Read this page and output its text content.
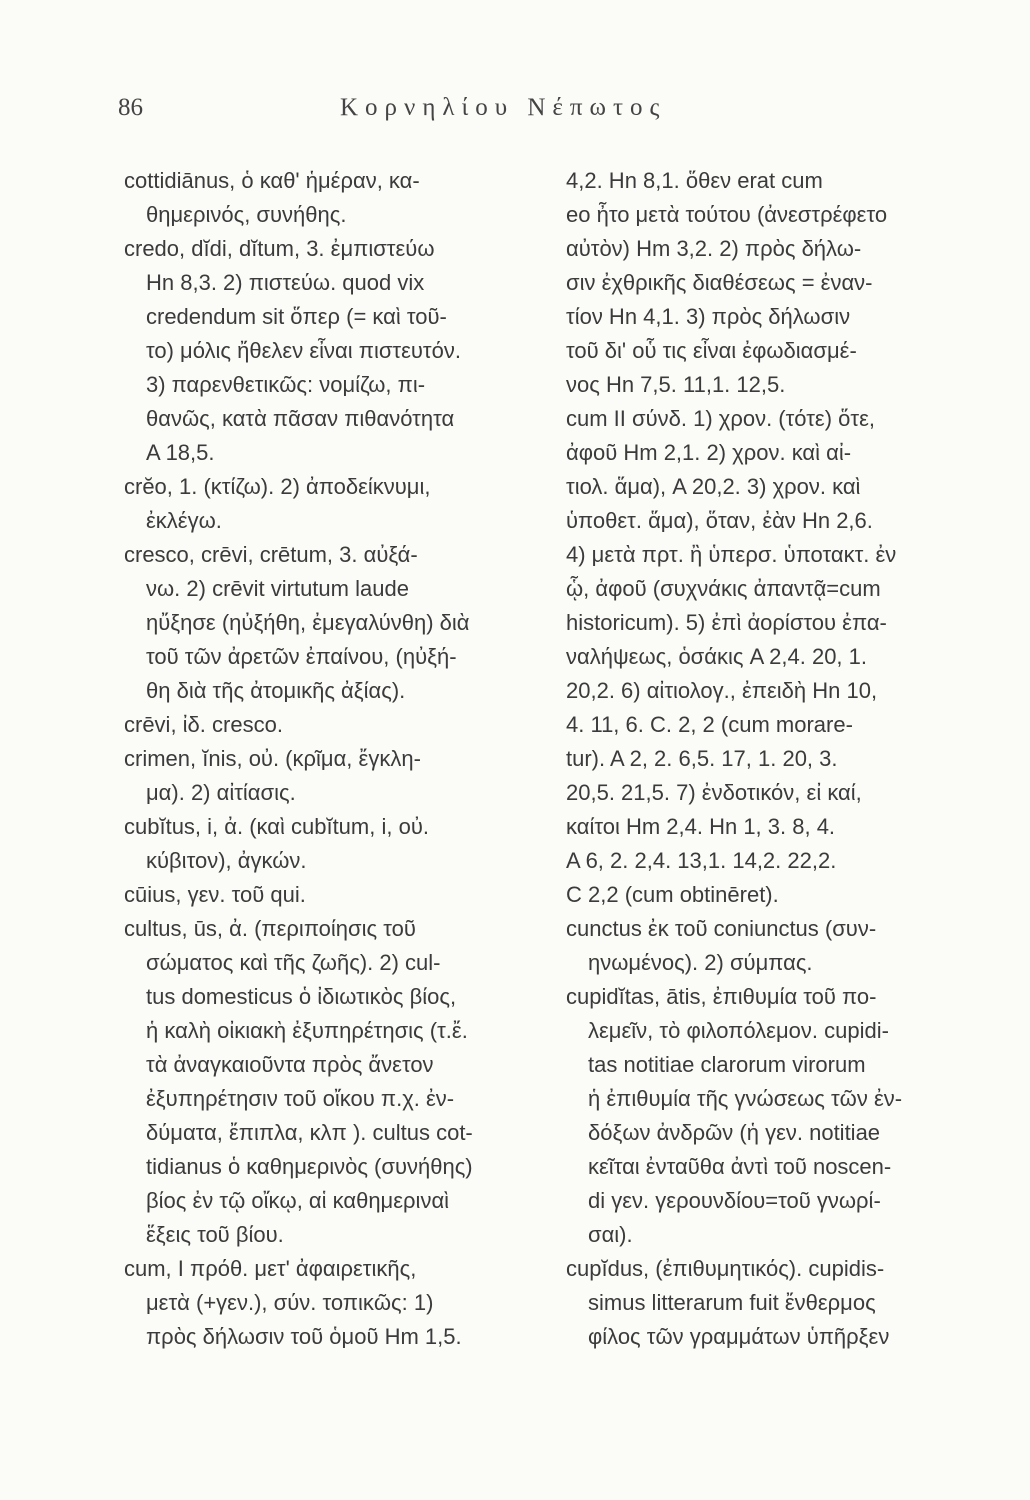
86	Κορνηλίου Νέπωτος
cottidiānus, ὁ καθ' ἡμέραν, κα-
θημερινός, συνήθης.
credo, dĭdi, dĭtum, 3. ἐμπιστεύω
Hn 8,3. 2) πιστεύω. quod vix
credendum sit ὅπερ (= καὶ τοῦ-
το) μόλις ἤθελεν εἶναι πιστευτόν.
3) παρενθετικῶς: νομίζω, πι-
θανῶς, κατὰ πᾶσαν πιθανότητα
A 18,5.
crĕo, 1. (κτίζω). 2) ἀποδείκνυμι,
ἐκλέγω.
cresco, crēvi, crētum, 3. αὐξά-
νω. 2) crēvit virtutum laude
ηὔξησε (ηὐξήθη, ἐμεγαλύνθη) διὰ
τοῦ τῶν ἀρετῶν ἐπαίνου, (ηὐξή-
θη διὰ τῆς ἀτομικῆς ἀξίας).
crēvi, ἰδ. cresco.
crimen, ĭnis, οὐ. (κρῖμα, ἔγκλη-
μα). 2) αἰτίασις.
cubĭtus, i, ἀ. (καὶ cubĭtum, i, οὐ.
κύβιτον), ἀγκών.
cūius, γεν. τοῦ qui.
cultus, ūs, ἀ. (περιποίησις τοῦ
σώματος καὶ τῆς ζωῆς). 2) cul-
tus domesticus ὁ ἰδιωτικὸς βίος,
ἡ καλὴ οἰκιακὴ ἐξυπηρέτησις (τ.ἔ.
τὰ ἀναγκαιοῦντα πρὸς ἄνετον
ἐξυπηρέτησιν τοῦ οἴκου π.χ. ἐν-
δύματα, ἔπιπλα, κλπ ). cultus cot-
tidianus ὁ καθημερινὸς (συνήθης)
βίος ἐν τῷ οἴκῳ, αἱ καθημεριναὶ
ἕξεις τοῦ βίου.
cum, I πρόθ. μετ' ἀφαιρετικῆς,
μετὰ (+γεν.), σύν. τοπικῶς: 1)
πρὸς δήλωσιν τοῦ ὁμοῦ Hm 1,5.
4,2. Hn 8,1. ὅθεν erat cum
eo ἦτο μετὰ τούτου (ἀνεστρέφετο
αὐτὸν) Hm 3,2. 2) πρὸς δήλω-
σιν ἐχθρικῆς διαθέσεως = ἐναν-
τίον Hn 4,1. 3) πρὸς δήλωσιν
τοῦ δι' οὗ τις εἶναι ἐφωδιασμέ-
νος Hn 7,5. 11,1. 12,5.
cum II σύνδ. 1) χρον. (τότε) ὅτε,
ἀφοῦ Hm 2,1. 2) χρον. καὶ αἰ-
τιολ. ἅμα), A 20,2. 3) χρον. καὶ
ὑποθετ. ἅμα), ὅταν, ἐὰν Hn 2,6.
4) μετὰ πρτ. ἢ ὑπερσ. ὑποτακτ. ἐν
ᾧ, ἀφοῦ (συχνάκις ἀπαντᾷ=cum
historicum). 5) ἐπὶ ἀορίστου ἐπα-
ναλήψεως, ὁσάκις A 2,4. 20, 1.
20,2. 6) αἰτιολογ., ἐπειδὴ Hn 10,
4. 11, 6. C. 2, 2 (cum morare-
tur). A 2, 2. 6,5. 17, 1. 20, 3.
20,5. 21,5. 7) ἐνδοτικόν, εἰ καί,
καίτοι Hm 2,4. Hn 1, 3. 8, 4.
A 6, 2. 2,4. 13,1. 14,2. 22,2.
C 2,2 (cum obtinēret).
cunctus ἐκ τοῦ coniunctus (συν-
ηνωμένος). 2) σύμπας.
cupidĭtas, ātis, ἐπιθυμία τοῦ πο-
λεμεῖν, τὸ φιλοπόλεμον. cupidi-
tas notitiae clarorum virorum
ἡ ἐπιθυμία τῆς γνώσεως τῶν ἐν-
δόξων ἀνδρῶν (ἡ γεν. notitiae
κεῖται ἐνταῦθα ἀντὶ τοῦ noscen-
di γεν. γερουνδίου=τοῦ γνωρί-
σαι).
cupĭdus, (ἐπιθυμητικός). cupidis-
simus litterarum fuit ἔνθερμος
φίλος τῶν γραμμάτων ὑπῆρξεν
